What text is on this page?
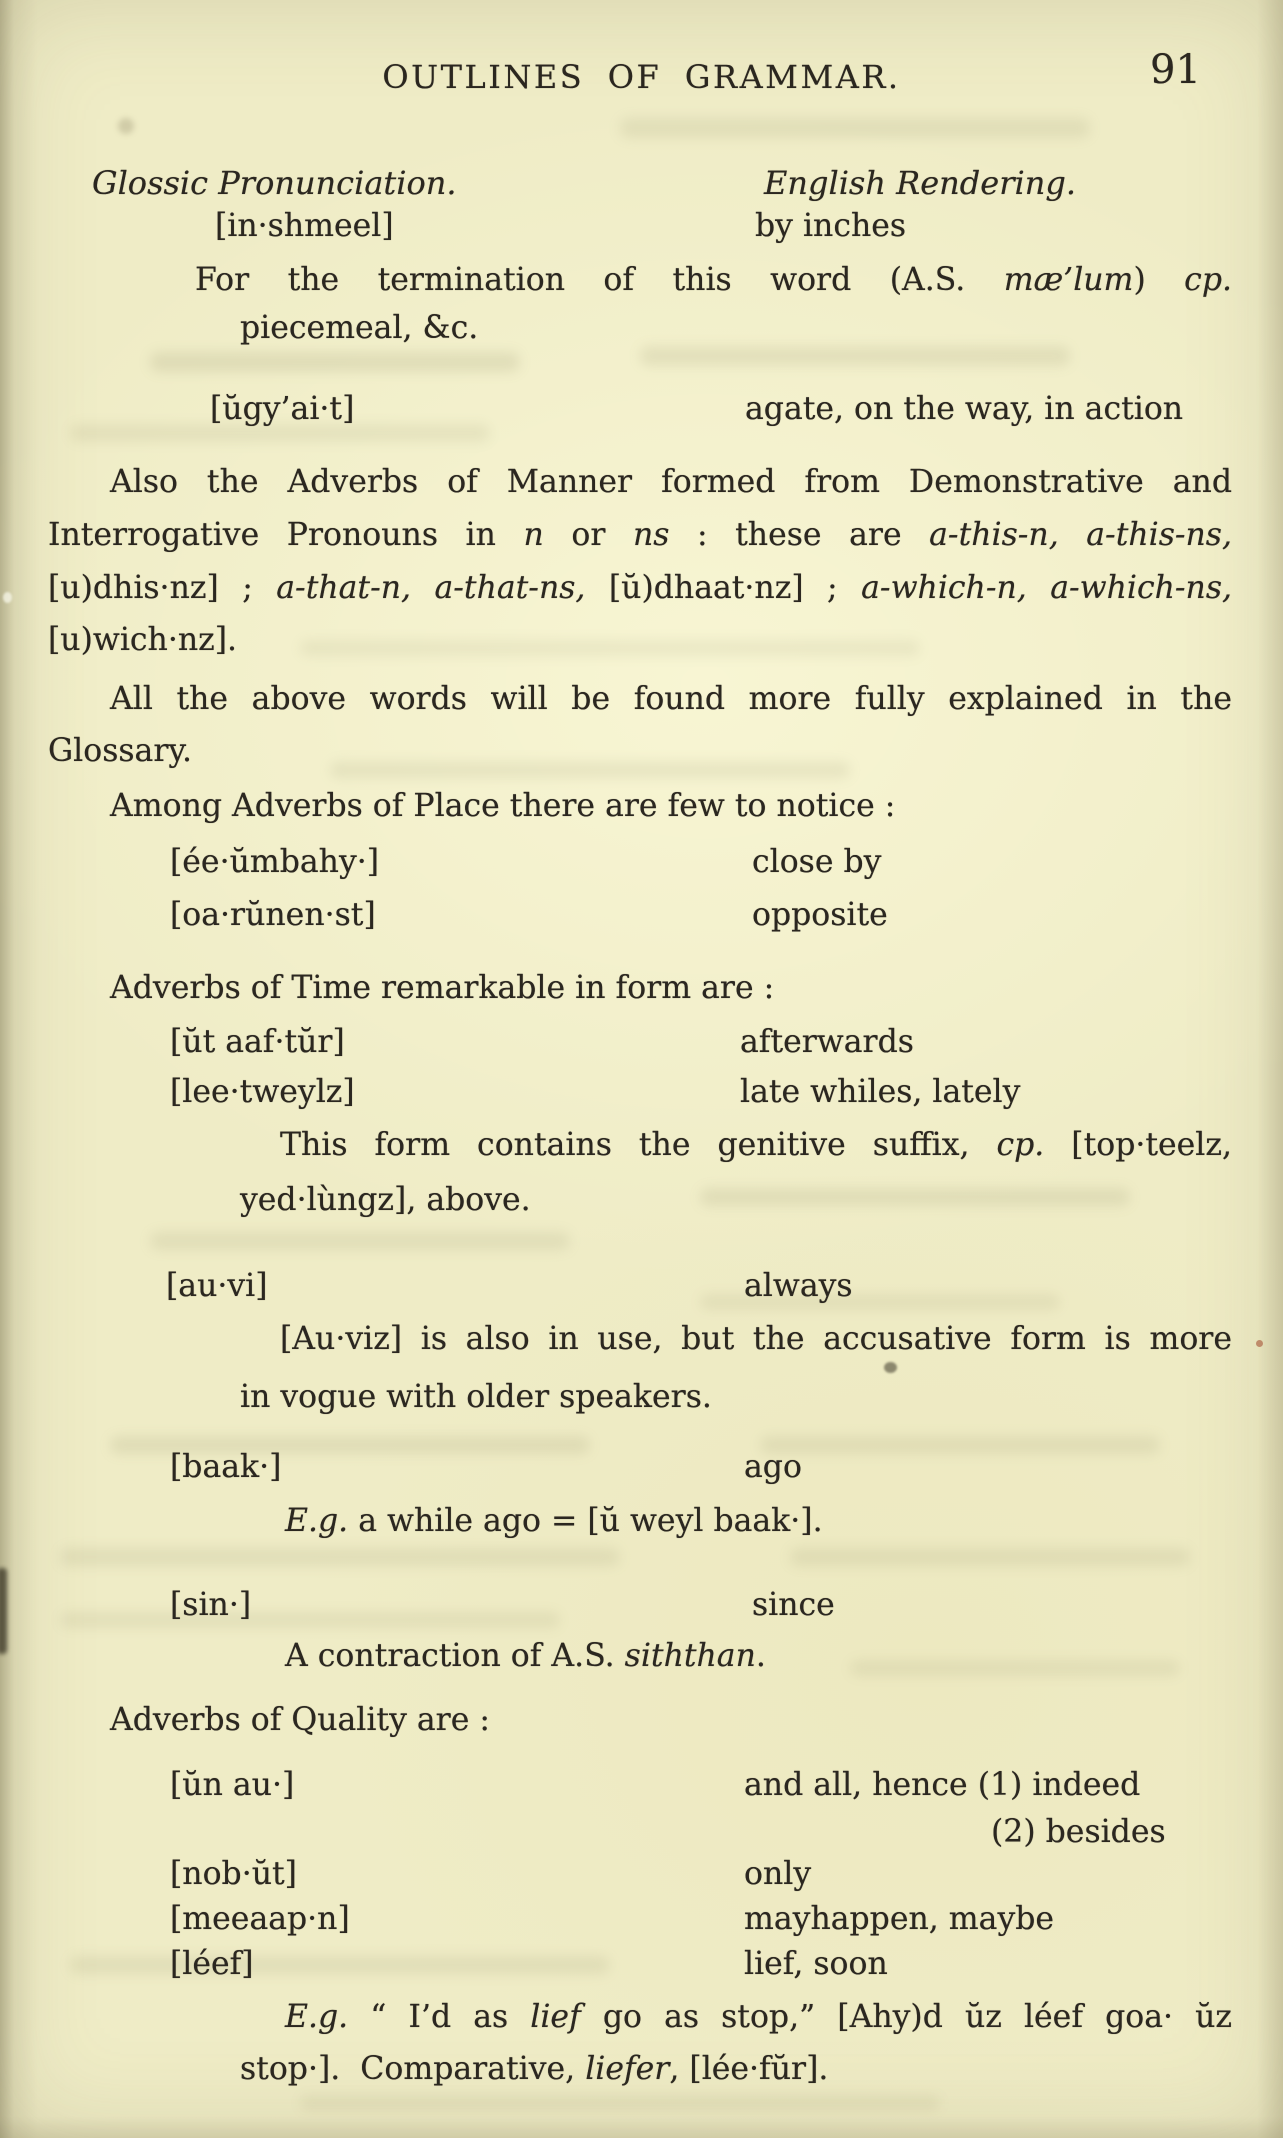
OUTLINES OF GRAMMAR.	91
Glossic Pronunciation.	English Rendering.
[in·shmeel]	by inches
For the termination of this word (A.S. mæ’lum) cp.
piecemeal, &c.
[ŭgy’ai·t]	agate, on the way, in action
Also the Adverbs of Manner formed from Demonstrative and
Interrogative Pronouns in n or ns : these are a-this-n, a-this-ns,
[u)dhis·nz] ; a-that-n, a-that-ns, [ŭ)dhaat·nz] ; a-which-n, a-which-ns,
[u)wich·nz].
All the above words will be found more fully explained in the
Glossary.
Among Adverbs of Place there are few to notice :
[ée·ŭmbahy·]	close by
[oa·rŭnen·st]	opposite
Adverbs of Time remarkable in form are :
[ŭt aaf·tŭr]	afterwards
[lee·tweylz]	late whiles, lately
This form contains the genitive suffix, cp. [top·teelz,
yed·lùngz], above.
[au·vi]	always
[Au·viz] is also in use, but the accusative form is more
in vogue with older speakers.
[baak·]	ago
E.g. a while ago = [ŭ weyl baak·].
[sin·]	since
A contraction of A.S. siththan.
Adverbs of Quality are :
[ŭn au·]	and all, hence (1) indeed
(2) besides
[nob·ŭt]	only
[meeaap·n]	mayhappen, maybe
[léef]	lief, soon
E.g. “ I’d as lief go as stop,” [Ahy)d ŭz léef goa· ŭz
stop·].  Comparative, liefer, [lée·fŭr].
